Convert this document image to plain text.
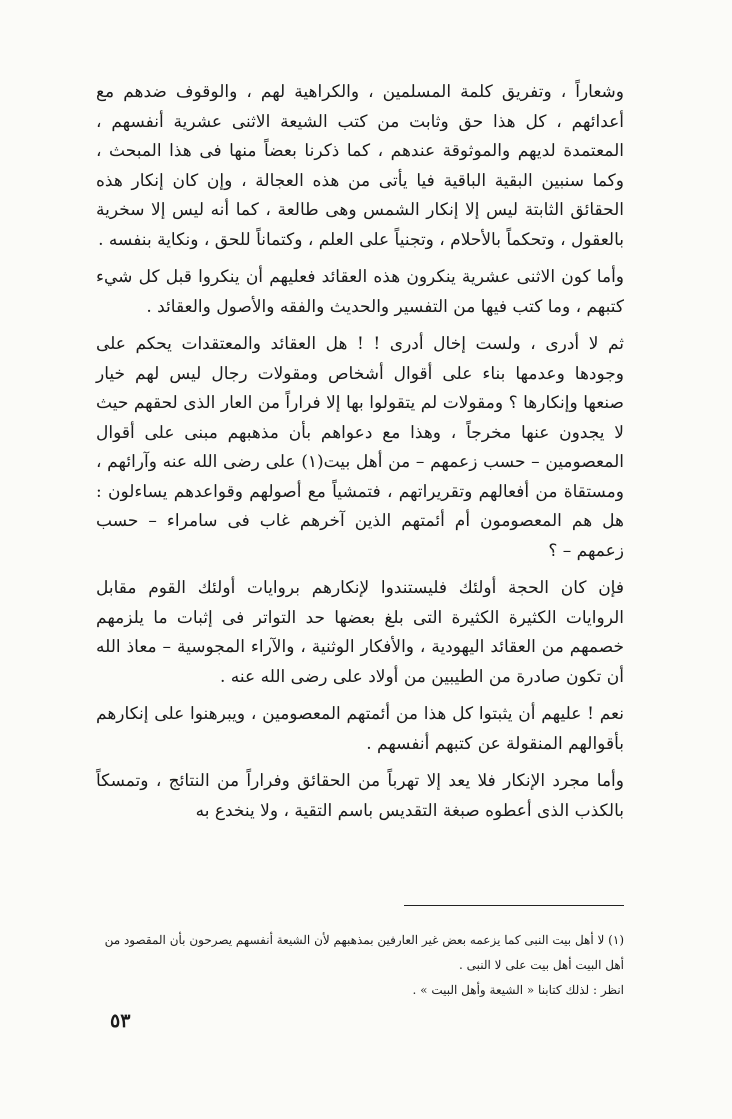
وشعاراً ، وتفريق كلمة المسلمين ، والكراهية لهم ، والوقوف ضدهم مع أعدائهم ، كل هذا حق وثابت من كتب الشيعة الاثنى عشرية أنفسهم ، المعتمدة لديهم والموثوقة عندهم ، كما ذكرنا بعضاً منها فى هذا المبحث ، وكما سنبين البقية الباقية فيا يأتى من هذه العجالة ، وإن كان إنكار هذه الحقائق الثابتة ليس إلا إنكار الشمس وهى طالعة ، كما أنه ليس إلا سخرية بالعقول ، وتحكماً بالأحلام ، وتجنياً على العلم ، وكتماناً للحق ، ونكاية بنفسه .

وأما كون الاثنى عشرية ينكرون هذه العقائد فعليهم أن ينكروا قبل كل شيء كتبهم ، وما كتب فيها من التفسير والحديث والفقه والأصول والعقائد .

ثم لا أدرى ، ولست إخال أدرى ! ! هل العقائد والمعتقدات يحكم على وجودها وعدمها بناء على أقوال أشخاص ومقولات رجال ليس لهم خيار صنعها وإنكارها ؟ ومقولات لم يتقولوا بها إلا فراراً من العار الذى لحقهم حيث لا يجدون عنها مخرجاً ، وهذا مع دعواهم بأن مذهبهم مبنى على أقوال المعصومين – حسب زعمهم – من أهل بيت(١) على رضى الله عنه وآرائهم ، ومستقاة من أفعالهم وتقريراتهم ، فتمشياً مع أصولهم وقواعدهم يساءلون : هل هم المعصومون أم أئمتهم الذين آخرهم غاب فى سامراء – حسب زعمهم – ؟

فإن كان الحجة أولئك فليستندوا لإنكارهم بروايات أولئك القوم مقابل الروايات الكثيرة الكثيرة التى بلغ بعضها حد التواتر فى إثبات ما يلزمهم خصمهم من العقائد اليهودية ، والأفكار الوثنية ، والآراء المجوسية – معاذ الله أن تكون صادرة من الطيبين من أولاد على رضى الله عنه .

نعم ! عليهم أن يثبتوا كل هذا من أئمتهم المعصومين ، ويبرهنوا على إنكارهم بأقوالهم المنقولة عن كتبهم أنفسهم .

وأما مجرد الإنكار فلا يعد إلا تهرباً من الحقائق وفراراً من النتائج ، وتمسكاً بالكذب الذى أعطوه صبغة التقديس باسم التقية ، ولا ينخدع به

(١) لا أهل بيت النبى كما يزعمه بعض غير العارفين بمذهبهم لأن الشيعة أنفسهم يصرحون بأن المقصود من أهل البيت أهل بيت على لا النبى .

انظر : لذلك كتابنا « الشيعة وأهل البيت » .

٥٣
